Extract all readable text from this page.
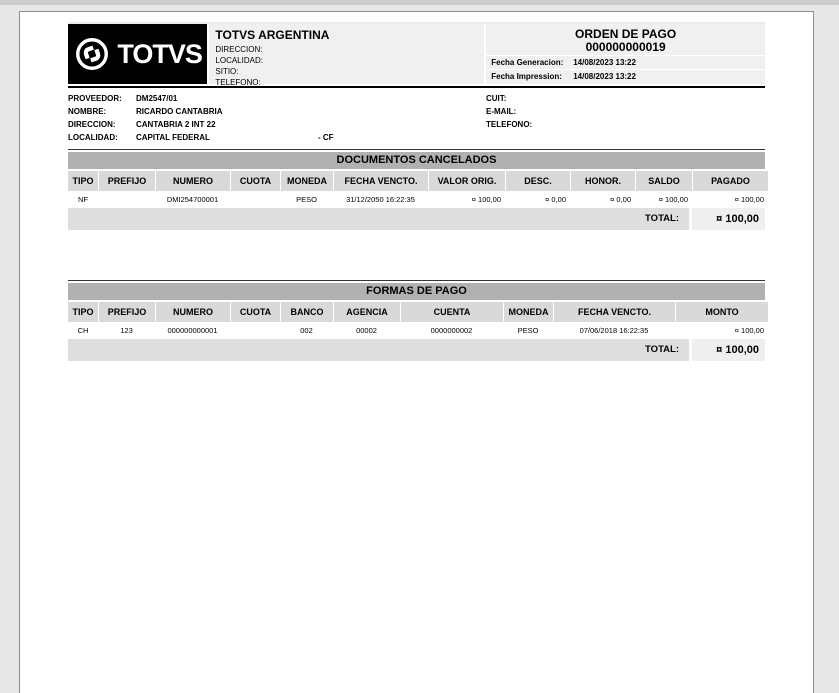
TOTVS
TOTVS ARGENTINA
DIRECCION:
LOCALIDAD:
SITIO:
TELEFONO:
ORDEN DE PAGO
000000000019
Fecha Generacion: 14/08/2023 13:22
Fecha Impression: 14/08/2023 13:22
PROVEEDOR: DM2547/01
NOMBRE:	RICARDO CANTABRIA
DIRECCION:	CANTABRIA 2 INT 22
LOCALIDAD: CAPITAL FEDERAL	- CF
CUIT:
E-MAIL:
TELEFONO:
DOCUMENTOS CANCELADOS
TIPO	PREFIJO	NUMERO	CUOTA	MONEDA	FECHA VENCTO.	VALOR ORIG.	DESC.	HONOR.	SALDO	PAGADO
NF		DMI254700001		PESO	31/12/2050 16:22:35	¤ 100,00	¤ 0,00	¤ 0,00	¤ 100,00	¤ 100,00
TOTAL:	¤ 100,00
FORMAS DE PAGO
TIPO	PREFIJO	NUMERO	CUOTA	BANCO	AGENCIA	CUENTA	MONEDA	FECHA VENCTO.	MONTO
CH	123	000000000001		002	00002	0000000002	PESO	07/06/2018 16:22:35	¤ 100,00
TOTAL:	¤ 100,00
